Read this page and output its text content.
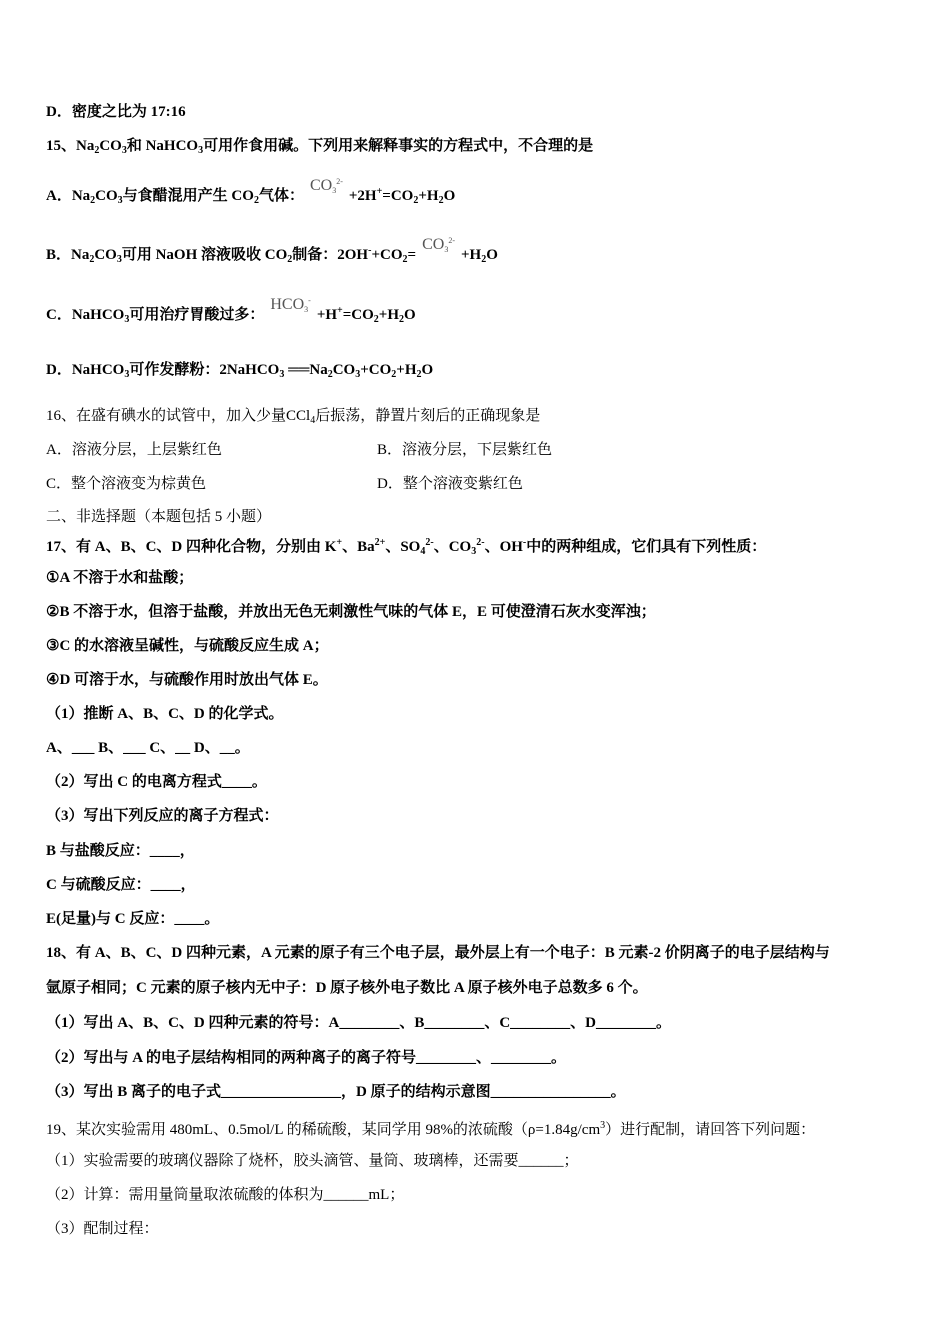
D．密度之比为 17:16
15、$Na_2CO_3$和 NaHCO$_3$可用作食用碱。下列用来解释事实的方程式中，不合理的是
A．$Na_2CO_3$与食醋混用产生 $CO_2$气体：$CO_3^{2-}+2H^+=CO_2+H_2O$
B．$Na_2CO_3$可用 NaOH 溶液吸收 $CO_2$制备：$2OH^-+CO_2=CO_3^{2-}+H_2O$
C．NaHCO$_3$可用治疗胃酸过多：$HCO_3^-+H^+=CO_2+H_2O$
D．NaHCO$_3$可作发酵粉：2NaHCO$_3$ $══Na_2CO_3+CO_2+H_2O$
16、在盛有碘水的试管中，加入少量CCl$_4$后振荡，静置片刻后的正确现象是
A．溶液分层，上层紫红色	B．溶液分层，下层紫红色
C．整个溶液变为棕黄色	D．整个溶液变紫红色
二、非选择题（本题包括 5 小题）
17、有 A、B、C、D 四种化合物，分别由 K+、$Ba^{2+}$、$SO_4^{2-}$、$CO_3^{2-}$、OH-中的两种组成，它们具有下列性质：
①A 不溶于水和盐酸；
②B 不溶于水，但溶于盐酸，并放出无色无刺激性气味的气体 E，E 可使澄清石灰水变浑浊；
③C 的水溶液呈碱性，与硫酸反应生成 A；
④D 可溶于水，与硫酸作用时放出气体 E。
（1）推断 A、B、C、D 的化学式。
A、___ B、___ C、__ D、__。
（2）写出 C 的电离方程式____。
（3）写出下列反应的离子方程式：
B 与盐酸反应：____，
C 与硫酸反应：____，
E(足量)与 C 反应：____。
18、有 A、B、C、D 四种元素，A 元素的原子有三个电子层，最外层上有一个电子：B 元素-2 价阴离子的电子层结构与
氩原子相同；C 元素的原子核内无中子：D 原子核外电子数比 A 原子核外电子总数多 6 个。
（1）写出 A、B、C、D 四种元素的符号：A________、B________、C________、D________。
（2）写出与 A 的电子层结构相同的两种离子的离子符号________、________。
（3）写出 B 离子的电子式________________，D 原子的结构示意图________________。
19、某次实验需用 480mL、0.5mol/L 的稀硫酸，某同学用 98%的浓硫酸$(\rho=1.84g/cm^3)$进行配制，请回答下列问题：
（1）实验需要的玻璃仪器除了烧杯，胶头滴管、量筒、玻璃棒，还需要______；
（2）计算：需用量筒量取浓硫酸的体积为______mL；
（3）配制过程：
